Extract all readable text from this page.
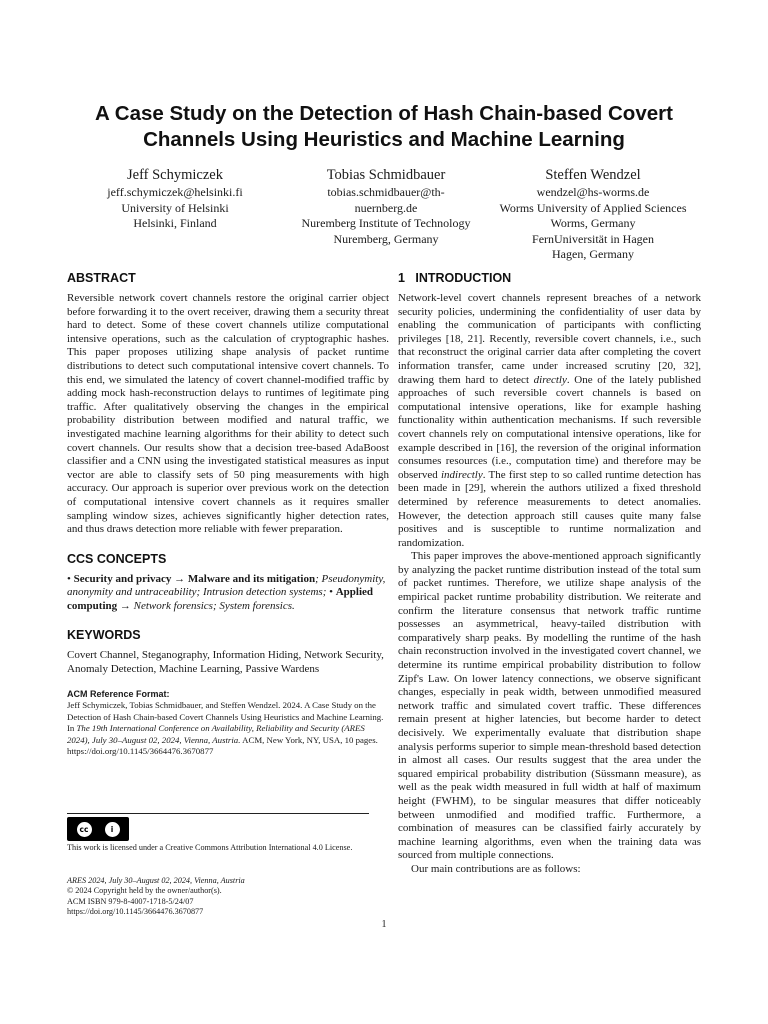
A Case Study on the Detection of Hash Chain-based Covert
Channels Using Heuristics and Machine Learning
Jeff Schymiczek
jeff.schymiczek@helsinki.fi
University of Helsinki
Helsinki, Finland
Tobias Schmidbauer
tobias.schmidbauer@th-
nuernberg.de
Nuremberg Institute of Technology
Nuremberg, Germany
Steffen Wendzel
wendzel@hs-worms.de
Worms University of Applied Sciences
Worms, Germany
FernUniversität in Hagen
Hagen, Germany
ABSTRACT

Reversible network covert channels restore the original carrier object before forwarding it to the overt receiver, drawing them a security threat hard to detect. Some of these covert channels utilize computational intensive operations, such as the calculation of cryptographic hashes. This paper proposes utilizing shape analysis of packet runtime distributions to detect such computational intensive covert channels. To this end, we simulated the latency of covert channel-modified traffic by adding mock hash-reconstruction delays to runtimes of legitimate ping traffic. After qualitatively observing the changes in the empirical probability distribution between modified and natural traffic, we investigated machine learning algorithms for their ability to detect such covert channels. Our results show that a decision tree-based AdaBoost classifier and a CNN using the investigated statistical measures as input vector are able to classify sets of 50 ping measurements with high accuracy. Our approach is superior over previous work on the detection of computational intensive covert channels as it requires smaller sampling window sizes, achieves significantly higher detection rates, and thus draws detection more reliable with fewer preparation.

CCS CONCEPTS

• Security and privacy → Malware and its mitigation; Pseudonymity, anonymity and untraceability; Intrusion detection systems; • Applied computing → Network forensics; System forensics.

KEYWORDS

Covert Channel, Steganography, Information Hiding, Network Security, Anomaly Detection, Machine Learning, Passive Wardens

ACM Reference Format:
Jeff Schymiczek, Tobias Schmidbauer, and Steffen Wendzel. 2024. A Case Study on the Detection of Hash Chain-based Covert Channels Using Heuristics and Machine Learning. In The 19th International Conference on Availability, Reliability and Security (ARES 2024), July 30–August 02, 2024, Vienna, Austria. ACM, New York, NY, USA, 10 pages. https://doi.org/10.1145/3664476.3670877
cc	i
This work is licensed under a Creative Commons Attribution International 4.0 License.
ARES 2024, July 30–August 02, 2024, Vienna, Austria
© 2024 Copyright held by the owner/author(s).
ACM ISBN 979-8-4007-1718-5/24/07
https://doi.org/10.1145/3664476.3670877
1   INTRODUCTION

Network-level covert channels represent breaches of a network security policies, undermining the confidentiality of user data by enabling the communication of participants with conflicting privileges [18, 21]. Recently, reversible covert channels, i.e., such that reconstruct the original carrier data after completing the covert information transfer, came under increased scrutiny [20, 32], drawing them hard to detect directly. One of the lately published approaches of such reversible covert channels is based on computational intensive operations, like for example hashing functionality within authentication mechanisms. If such reversible covert channels rely on computational intensive operations, like for example described in [16], the reversion of the original information consumes resources (i.e., computation time) and therefore may be observed indirectly. The first step to so called runtime detection has been made in [29], wherein the authors utilized a fixed threshold determined by reference measurements to detect anomalies. However, the detection approach still causes quite many false positives and is susceptible to runtime normalization and randomization.

This paper improves the above-mentioned approach significantly by analyzing the packet runtime distribution instead of the total sum of packet runtimes. Therefore, we utilize shape analysis of the empirical packet runtime probability distribution. We reiterate and confirm the literature consensus that network traffic runtime possesses an asymmetrical, heavy-tailed distribution with comparatively sharp peaks. By modelling the runtime of the hash chain reconstruction involved in the investigated covert channel, we determine its runtime empirical probability distribution to follow Zipf's Law. On lower latency connections, we observe significant changes, especially in peak width, between unmodified measured network traffic and simulated covert traffic. These differences remain present at higher latencies, but become harder to detect decisively. We experimentally evaluate that distribution shape analysis performs superior to simple mean-threshold based detection in almost all cases. Our results suggest that the area under the squared empirical probability distribution (Süssmann measure), as well as the peak width measured in full width at half of maximum height (FWHM), to be singular measures that differ noticeably between unmodified and modified traffic. Furthermore, a combination of measures can be classified fairly accurately by machine learning algorithms, even when the training data was sourced from multiple connections.

Our main contributions are as follows:

1
